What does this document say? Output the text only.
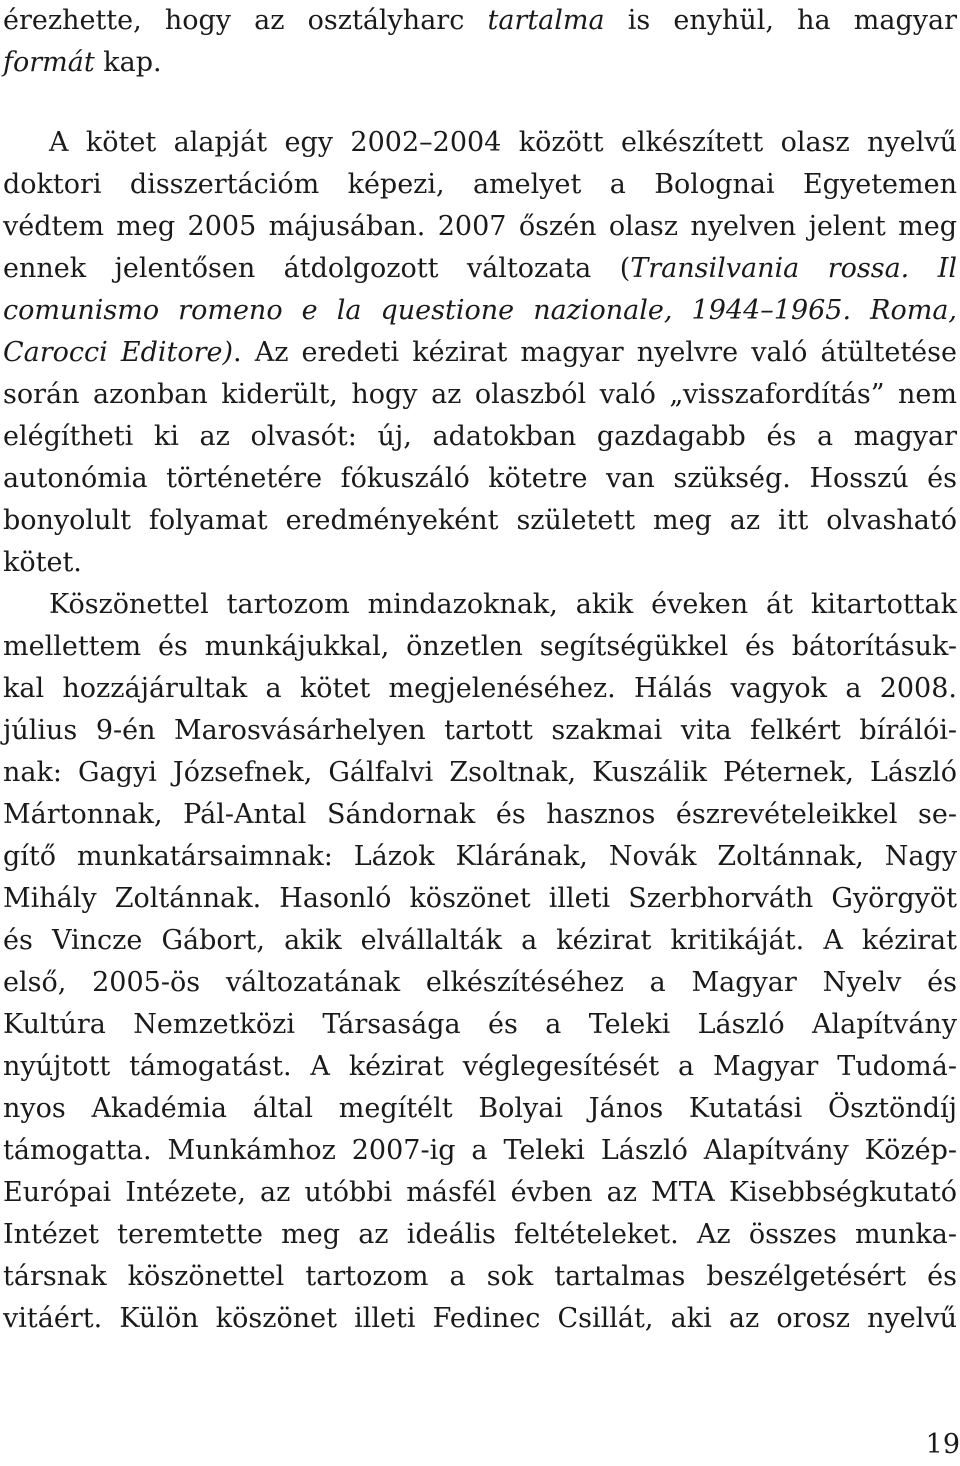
érezhette, hogy az osztályharc tartalma is enyhül, ha magyar
formát kap.
A kötet alapját egy 2002–2004 között elkészített olasz nyelvű
doktori disszertációm képezi, amelyet a Bolognai Egyetemen
védtem meg 2005 májusában. 2007 őszén olasz nyelven jelent meg
ennek jelentősen átdolgozott változata (Transilvania rossa. Il
comunismo romeno e la questione nazionale, 1944–1965. Roma,
Carocci Editore). Az eredeti kézirat magyar nyelvre való átültetése
során azonban kiderült, hogy az olaszból való „visszafordítás” nem
elégítheti ki az olvasót: új, adatokban gazdagabb és a magyar
autonómia történetére fókuszáló kötetre van szükség. Hosszú és
bonyolult folyamat eredményeként született meg az itt olvasható
kötet.
Köszönettel tartozom mindazoknak, akik éveken át kitartottak
mellettem és munkájukkal, önzetlen segítségükkel és bátorításuk-
kal hozzájárultak a kötet megjelenéséhez. Hálás vagyok a 2008.
július 9-én Marosvásárhelyen tartott szakmai vita felkért bírálói-
nak: Gagyi Józsefnek, Gálfalvi Zsoltnak, Kuszálik Péternek, László
Mártonnak, Pál-Antal Sándornak és hasznos észrevételeikkel se-
gítő munkatársaimnak: Lázok Klárának, Novák Zoltánnak, Nagy
Mihály Zoltánnak. Hasonló köszönet illeti Szerbhorváth Györgyöt
és Vincze Gábort, akik elvállalták a kézirat kritikáját. A kézirat
első, 2005-ös változatának elkészítéséhez a Magyar Nyelv és
Kultúra Nemzetközi Társasága és a Teleki László Alapítvány
nyújtott támogatást. A kézirat véglegesítését a Magyar Tudomá-
nyos Akadémia által megítélt Bolyai János Kutatási Ösztöndíj
támogatta. Munkámhoz 2007-ig a Teleki László Alapítvány Közép-
Európai Intézete, az utóbbi másfél évben az MTA Kisebbségkutató
Intézet teremtette meg az ideális feltételeket. Az összes munka-
társnak köszönettel tartozom a sok tartalmas beszélgetésért és
vitáért. Külön köszönet illeti Fedinec Csillát, aki az orosz nyelvű
19
